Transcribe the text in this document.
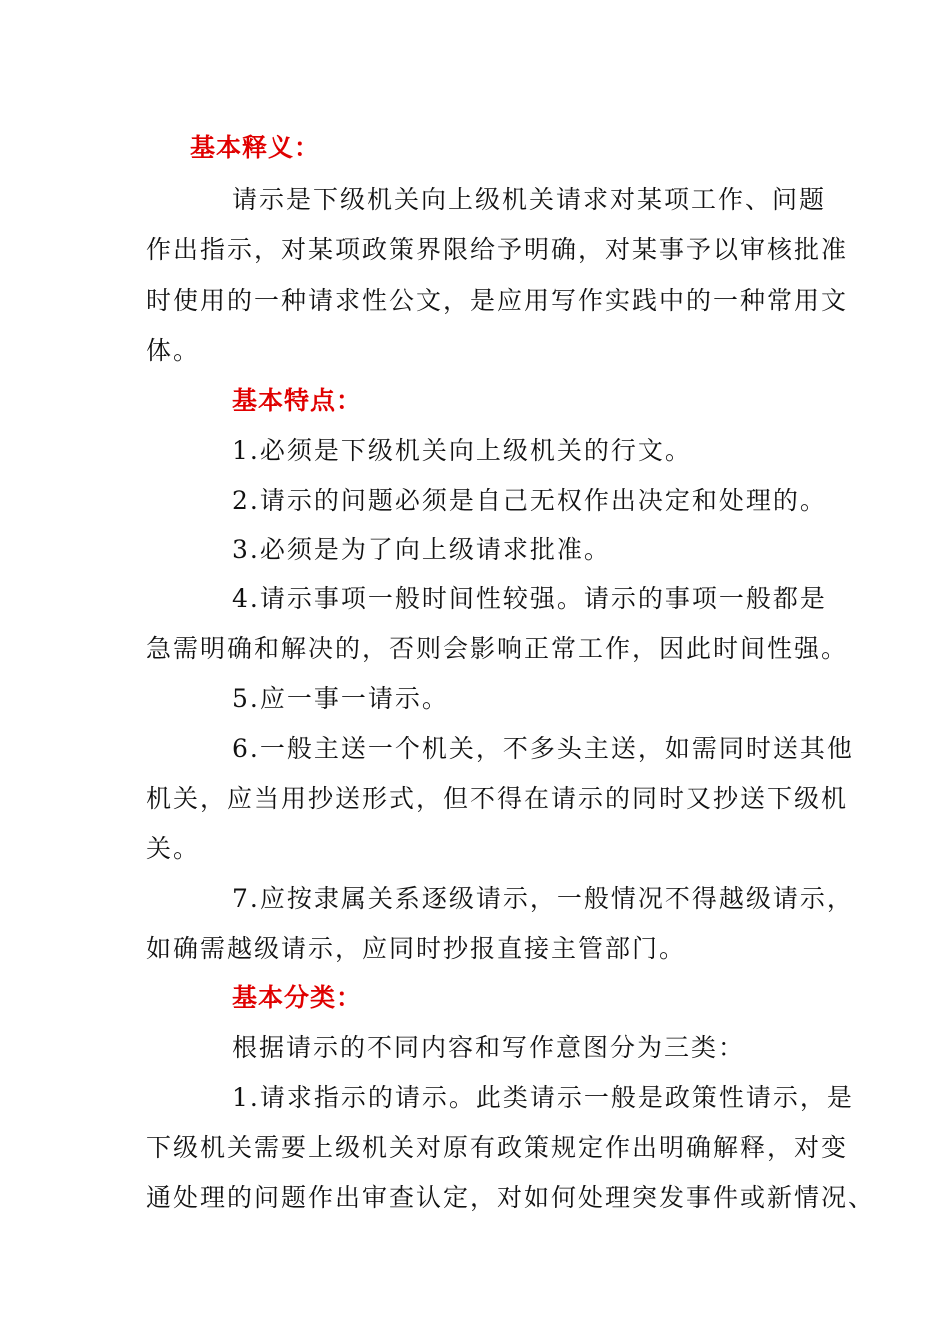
基本释义：
请示是下级机关向上级机关请求对某项工作、问题
作出指示，对某项政策界限给予明确，对某事予以审核批准
时使用的一种请求性公文，是应用写作实践中的一种常用文
体。
基本特点：
1.必须是下级机关向上级机关的行文。
2.请示的问题必须是自己无权作出决定和处理的。
3.必须是为了向上级请求批准。
4.请示事项一般时间性较强。请示的事项一般都是
急需明确和解决的，否则会影响正常工作，因此时间性强。
5.应一事一请示。
6.一般主送一个机关，不多头主送，如需同时送其他
机关，应当用抄送形式，但不得在请示的同时又抄送下级机
关。
7.应按隶属关系逐级请示，一般情况不得越级请示，
如确需越级请示，应同时抄报直接主管部门。
基本分类：
根据请示的不同内容和写作意图分为三类：
1.请求指示的请示。此类请示一般是政策性请示，是
下级机关需要上级机关对原有政策规定作出明确解释，对变
通处理的问题作出审查认定，对如何处理突发事件或新情况、
